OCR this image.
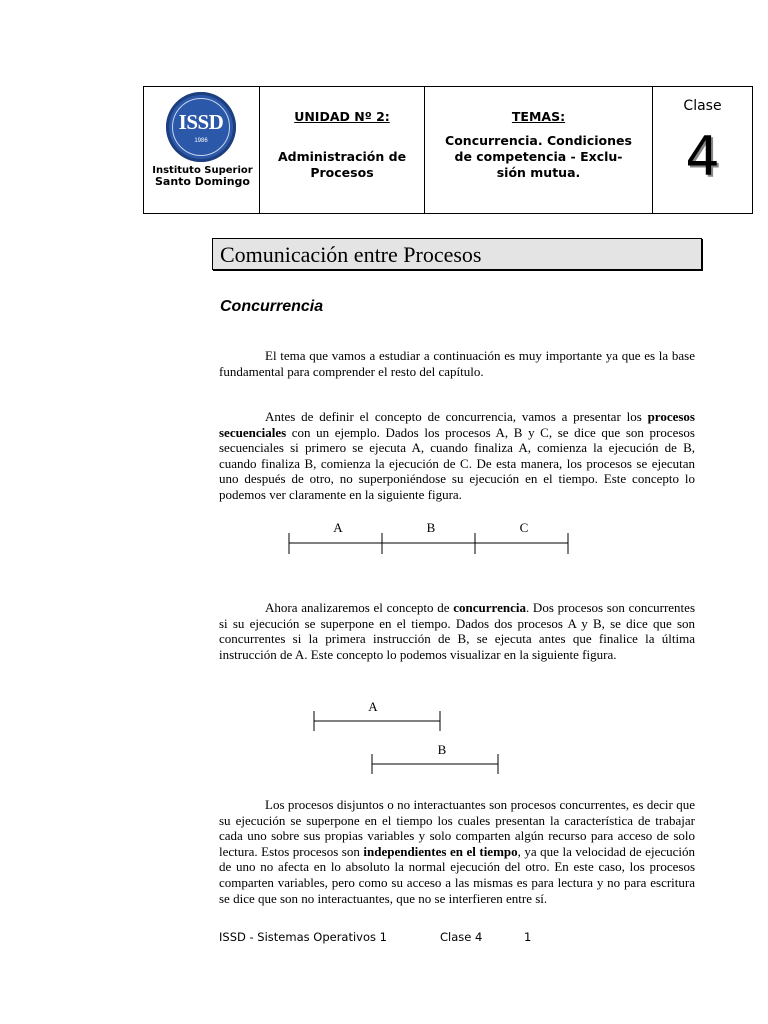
ISSD
1986
Instituto Superior
Santo Domingo
UNIDAD Nº 2:
Administración de
Procesos
TEMAS:
Concurrencia. Condiciones
de competencia - Exclu-
sión mutua.
Clase
4
Comunicación entre Procesos
Concurrencia
El tema que vamos a estudiar a continuación es muy importante ya que es la base fundamental para comprender el resto del capítulo.
Antes de definir el concepto de concurrencia, vamos a presentar los procesos secuenciales con un ejemplo. Dados los procesos A, B y C, se dice que son procesos secuenciales si primero se ejecuta A, cuando finaliza A, comienza la ejecución de B, cuando finaliza B, comienza la ejecución de C. De esta manera, los procesos se ejecutan uno después de otro, no superponiéndose su ejecución en el tiempo. Este concepto lo podemos ver claramente en la siguiente figura.
A	B	C
Ahora analizaremos el concepto de concurrencia. Dos procesos son concurrentes si su ejecución se superpone en el tiempo. Dados dos procesos A y B, se dice que son concurrentes si la primera instrucción de B, se ejecuta antes que finalice la última instrucción de A. Este concepto lo podemos visualizar en la siguiente figura.
A
B
Los procesos disjuntos o no interactuantes son procesos concurrentes, es decir que su ejecución se superpone en el tiempo los cuales presentan la característica de trabajar cada uno sobre sus propias variables y solo comparten algún recurso para acceso de solo lectura. Estos procesos son independientes en el tiempo, ya que la velocidad de ejecución de uno no afecta en lo absoluto la normal ejecución del otro. En este caso, los procesos comparten variables, pero como su acceso a las mismas es para lectura y no para escritura se dice que son no interactuantes, que no se interfieren entre sí.
ISSD - Sistemas Operativos 1	Clase 4	1
